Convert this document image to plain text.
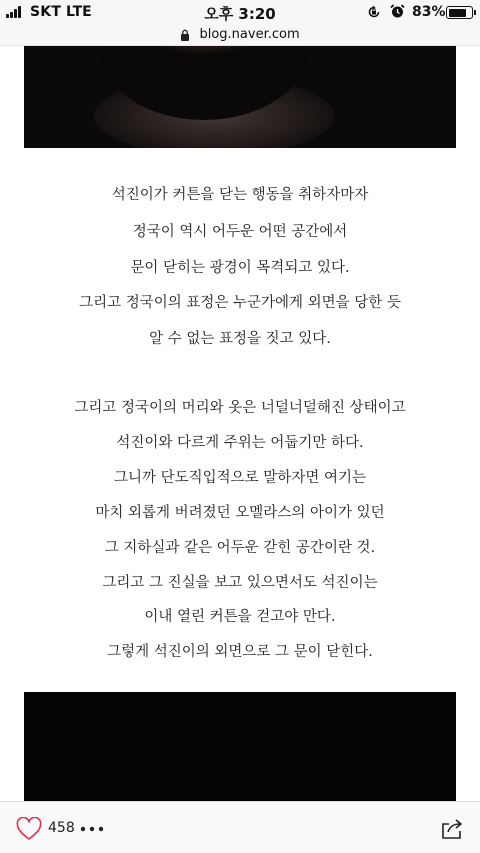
SKT LTE	오후 3:20	83%
blog.naver.com
석진이가 커튼을 닫는 행동을 취하자마자
정국이 역시 어두운 어떤 공간에서
문이 닫히는 광경이 목격되고 있다.
그리고 정국이의 표정은 누군가에게 외면을 당한 듯
알 수 없는 표정을 짓고 있다.
그리고 정국이의 머리와 옷은 너덜너덜해진 상태이고
석진이와 다르게 주위는 어둡기만 하다.
그니까 단도직입적으로 말하자면 여기는
마치 외롭게 버려졌던 오멜라스의 아이가 있던
그 지하실과 같은 어두운 갇힌 공간이란 것.
그리고 그 진실을 보고 있으면서도 석진이는
이내 열린 커튼을 걷고야 만다.
그렇게 석진이의 외면으로 그 문이 닫힌다.
458
